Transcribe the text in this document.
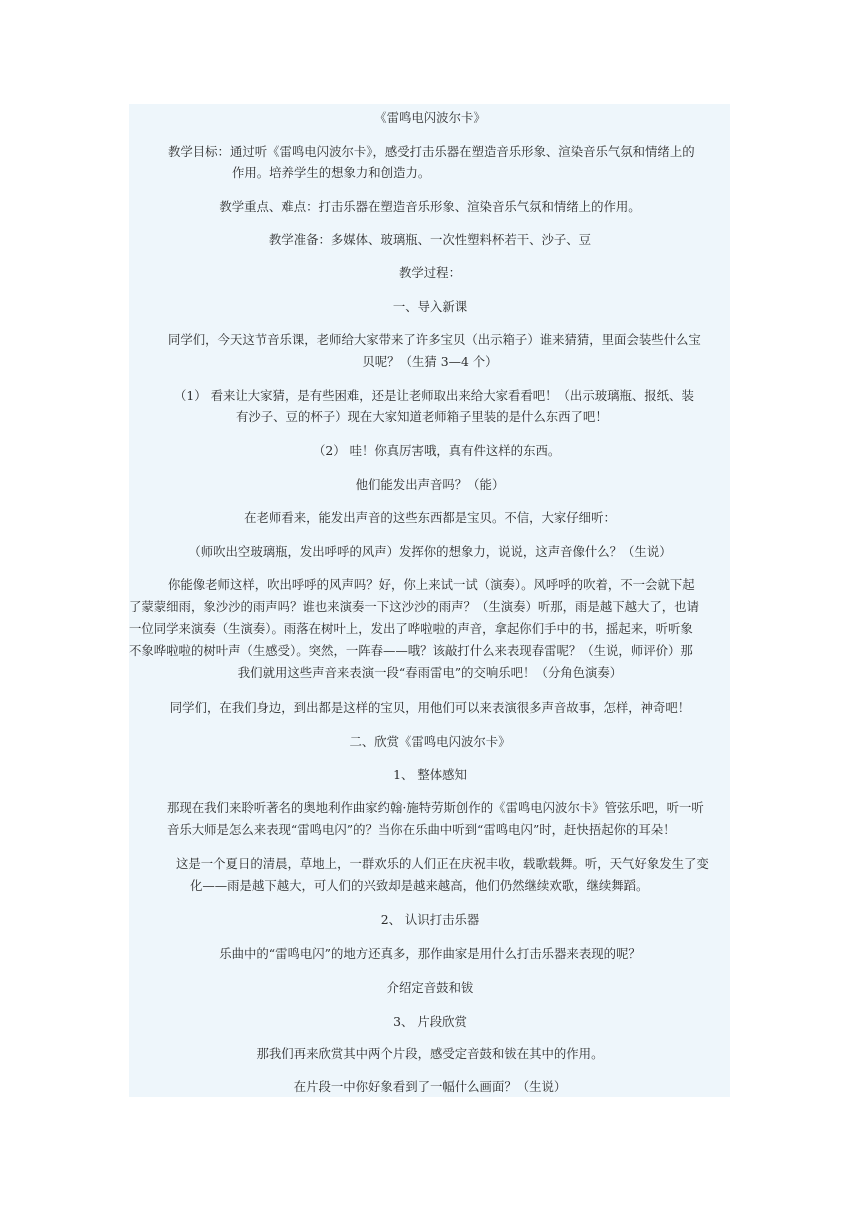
《雷鸣电闪波尔卡》
教学目标：通过听《雷鸣电闪波尔卡》，感受打击乐器在塑造音乐形象、渲染音乐气氛和情绪上的
作用。培养学生的想象力和创造力。
教学重点、难点：打击乐器在塑造音乐形象、渲染音乐气氛和情绪上的作用。
教学准备：多媒体、玻璃瓶、一次性塑料杯若干、沙子、豆
教学过程：
一、导入新课
同学们，今天这节音乐课，老师给大家带来了许多宝贝（出示箱子）谁来猜猜，里面会装些什么宝
贝呢？（生猜 3—4 个）
（1） 看来让大家猜，是有些困难，还是让老师取出来给大家看看吧！（出示玻璃瓶、报纸、装
有沙子、豆的杯子）现在大家知道老师箱子里装的是什么东西了吧！
（2） 哇！你真厉害哦，真有件这样的东西。
他们能发出声音吗？（能）
在老师看来，能发出声音的这些东西都是宝贝。不信，大家仔细听：
（师吹出空玻璃瓶，发出呼呼的风声）发挥你的想象力，说说，这声音像什么？（生说）
你能像老师这样，吹出呼呼的风声吗？好，你上来试一试（演奏）。风呼呼的吹着，不一会就下起
了蒙蒙细雨，象沙沙的雨声吗？谁也来演奏一下这沙沙的雨声？（生演奏）听那，雨是越下越大了，也请
一位同学来演奏（生演奏）。雨落在树叶上，发出了哗啦啦的声音，拿起你们手中的书，摇起来，听听象
不象哗啦啦的树叶声（生感受）。突然，一阵春——哦？该敲打什么来表现春雷呢？（生说，师评价）那
我们就用这些声音来表演一段“春雨雷电”的交响乐吧！（分角色演奏）
同学们，在我们身边，到出都是这样的宝贝，用他们可以来表演很多声音故事，怎样，神奇吧！
二、欣赏《雷鸣电闪波尔卡》
1、 整体感知
那现在我们来聆听著名的奥地利作曲家约翰·施特劳斯创作的《雷鸣电闪波尔卡》管弦乐吧，听一听
音乐大师是怎么来表现“雷鸣电闪”的？当你在乐曲中听到“雷鸣电闪”时，赶快捂起你的耳朵！
这是一个夏日的清晨，草地上，一群欢乐的人们正在庆祝丰收，载歌载舞。听，天气好象发生了变
化——雨是越下越大，可人们的兴致却是越来越高，他们仍然继续欢歌，继续舞蹈。
2、 认识打击乐器
乐曲中的“雷鸣电闪”的地方还真多，那作曲家是用什么打击乐器来表现的呢？
介绍定音鼓和钹
3、 片段欣赏
那我们再来欣赏其中两个片段，感受定音鼓和钹在其中的作用。
在片段一中你好象看到了一幅什么画面？（生说）
